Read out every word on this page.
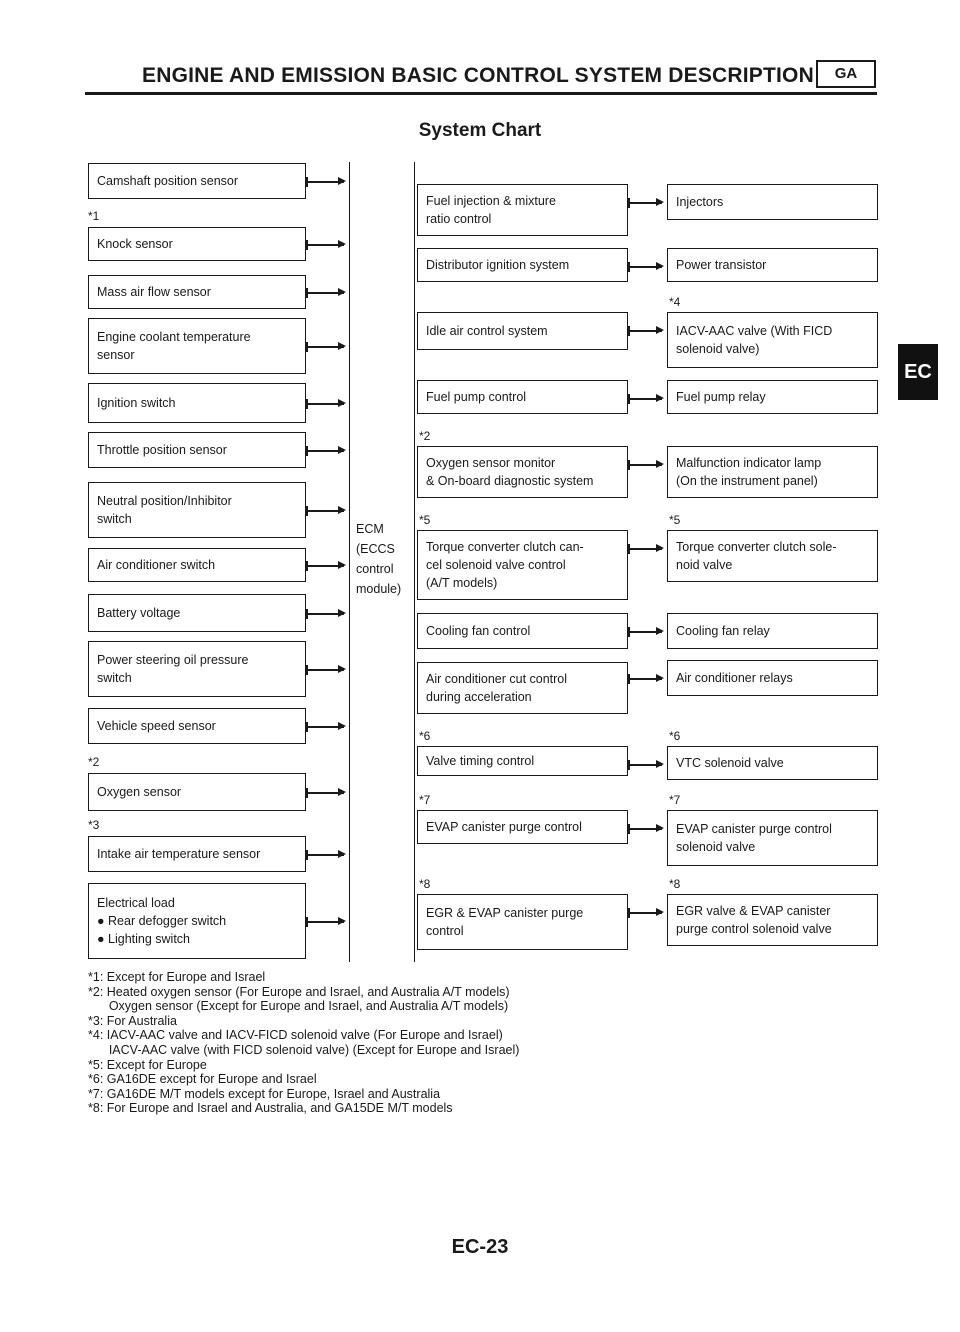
ENGINE AND EMISSION BASIC CONTROL SYSTEM DESCRIPTION	GA
System Chart
ECM
(ECCS
control
module)
Camshaft position sensor
Knock sensor
*1
Mass air flow sensor
Engine coolant temperature
sensor
Ignition switch
Throttle position sensor
Neutral position/Inhibitor
switch
Air conditioner switch
Battery voltage
Power steering oil pressure
switch
Vehicle speed sensor
Oxygen sensor
*2
Intake air temperature sensor
*3
Electrical load
● Rear defogger switch
● Lighting switch
Fuel injection & mixture
ratio control
Distributor ignition system
Idle air control system
Fuel pump control
Oxygen sensor monitor
& On-board diagnostic system
*2
Torque converter clutch can-
cel solenoid valve control
(A/T models)
*5
Cooling fan control
Air conditioner cut control
during acceleration
Valve timing control
*6
EVAP canister purge control
*7
EGR & EVAP canister purge
control
*8
Injectors
Power transistor
IACV-AAC valve (With FICD
solenoid valve)
*4
Fuel pump relay
Malfunction indicator lamp
(On the instrument panel)
Torque converter clutch sole-
noid valve
*5
Cooling fan relay
Air conditioner relays
VTC solenoid valve
*6
EVAP canister purge control
solenoid valve
*7
EGR valve & EVAP canister
purge control solenoid valve
*8
EC
*1: Except for Europe and Israel
*2: Heated oxygen sensor (For Europe and Israel, and Australia A/T models)
Oxygen sensor (Except for Europe and Israel, and Australia A/T models)
*3: For Australia
*4: IACV-AAC valve and IACV-FICD solenoid valve (For Europe and Israel)
IACV-AAC valve (with FICD solenoid valve) (Except for Europe and Israel)
*5: Except for Europe
*6: GA16DE except for Europe and Israel
*7: GA16DE M/T models except for Europe, Israel and Australia
*8: For Europe and Israel and Australia, and GA15DE M/T models
EC-23
